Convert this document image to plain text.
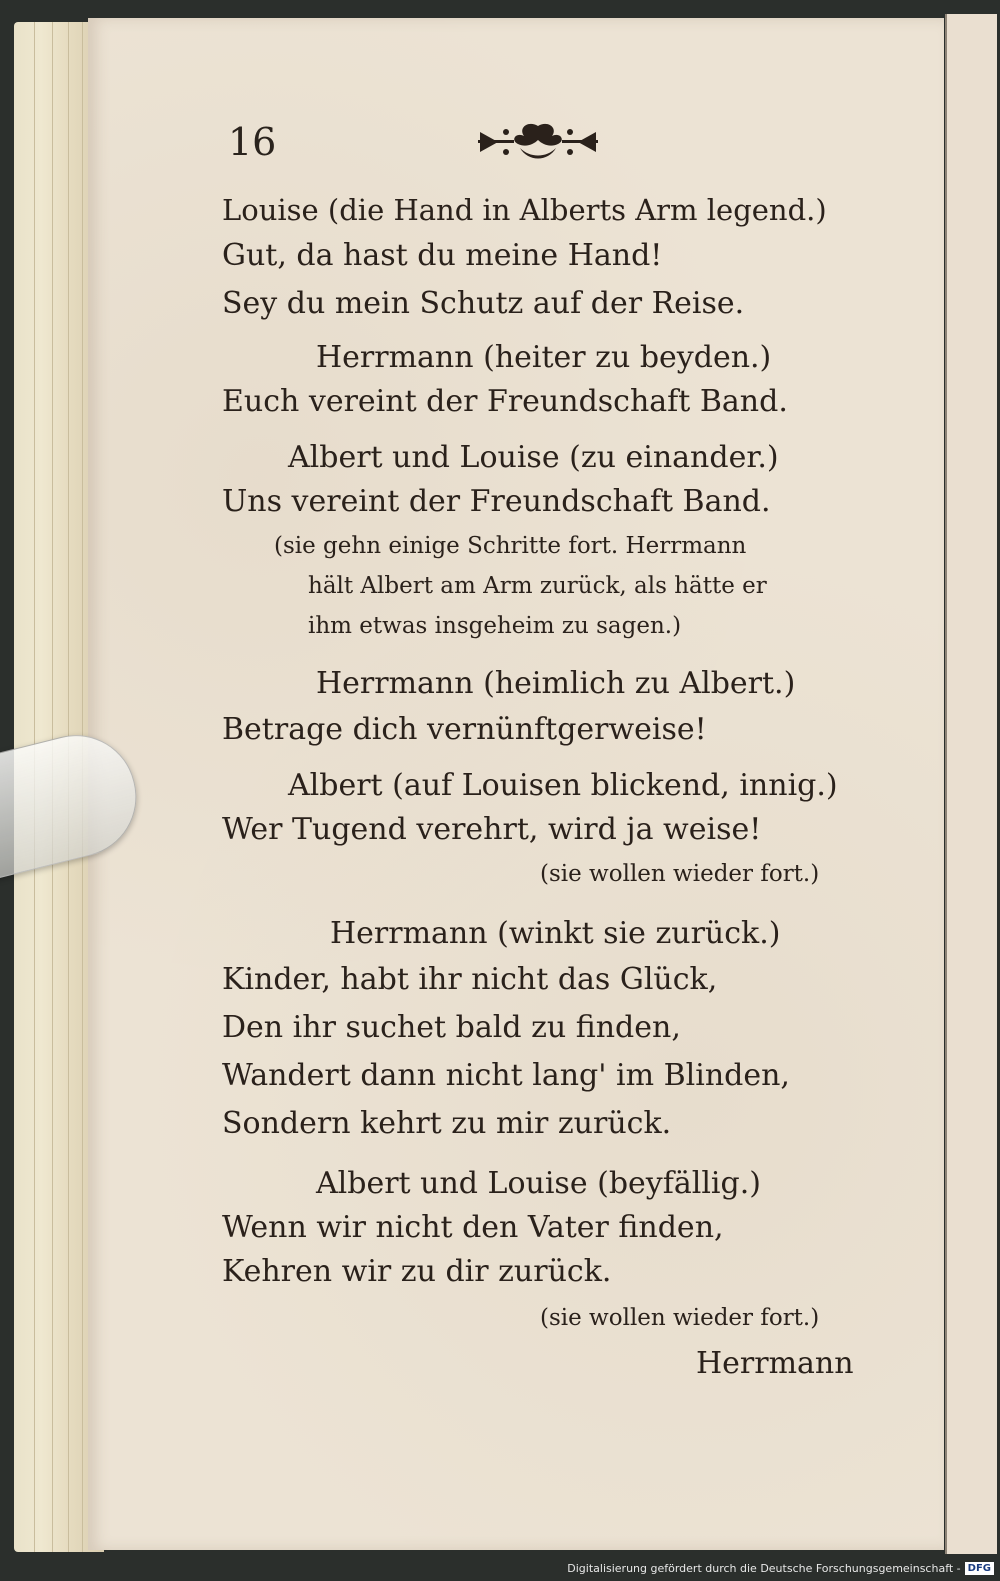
16
Louise (die Hand in Alberts Arm legend.)
Gut, da hast du meine Hand!
Sey du mein Schutz auf der Reise.
Herrmann (heiter zu beyden.)
Euch vereint der Freundschaft Band.
Albert und Louise (zu einander.)
Uns vereint der Freundschaft Band.
(sie gehn einige Schritte fort. Herrmann
hält Albert am Arm zurück, als hätte er
ihm etwas insgeheim zu sagen.)
Herrmann (heimlich zu Albert.)
Betrage dich vernünftgerweise!
Albert (auf Louisen blickend, innig.)
Wer Tugend verehrt, wird ja weise!
(sie wollen wieder fort.)
Herrmann (winkt sie zurück.)
Kinder, habt ihr nicht das Glück,
Den ihr suchet bald zu finden,
Wandert dann nicht lang' im Blinden,
Sondern kehrt zu mir zurück.
Albert und Louise (beyfällig.)
Wenn wir nicht den Vater finden,
Kehren wir zu dir zurück.
(sie wollen wieder fort.)
Herrmann
Digitalisierung gefördert durch die Deutsche Forschungsgemeinschaft - DFG
